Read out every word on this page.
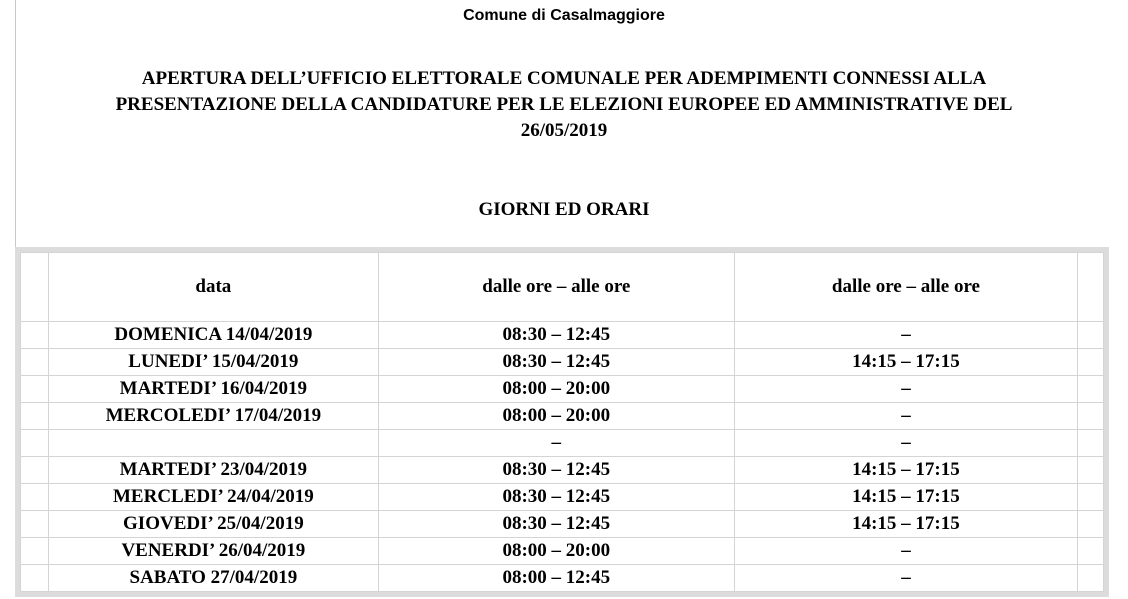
Comune di Casalmaggiore
APERTURA DELL’UFFICIO ELETTORALE COMUNALE PER ADEMPIMENTI CONNESSI ALLA
PRESENTAZIONE DELLA CANDIDATURE PER LE ELEZIONI EUROPEE ED AMMINISTRATIVE DEL
26/05/2019
GIORNI ED ORARI
	data	dalle ore – alle ore	dalle ore – alle ore	
	DOMENICA 14/04/2019	08:30 – 12:45	–	
	LUNEDI’ 15/04/2019	08:30 – 12:45	14:15 – 17:15	
	MARTEDI’ 16/04/2019	08:00 – 20:00	–	
	MERCOLEDI’ 17/04/2019	08:00 – 20:00	–	
		–	–	
	MARTEDI’ 23/04/2019	08:30 – 12:45	14:15 – 17:15	
	MERCLEDI’ 24/04/2019	08:30 – 12:45	14:15 – 17:15	
	GIOVEDI’ 25/04/2019	08:30 – 12:45	14:15 – 17:15	
	VENERDI’ 26/04/2019	08:00 – 20:00	–	
	SABATO 27/04/2019	08:00 – 12:45	–	
